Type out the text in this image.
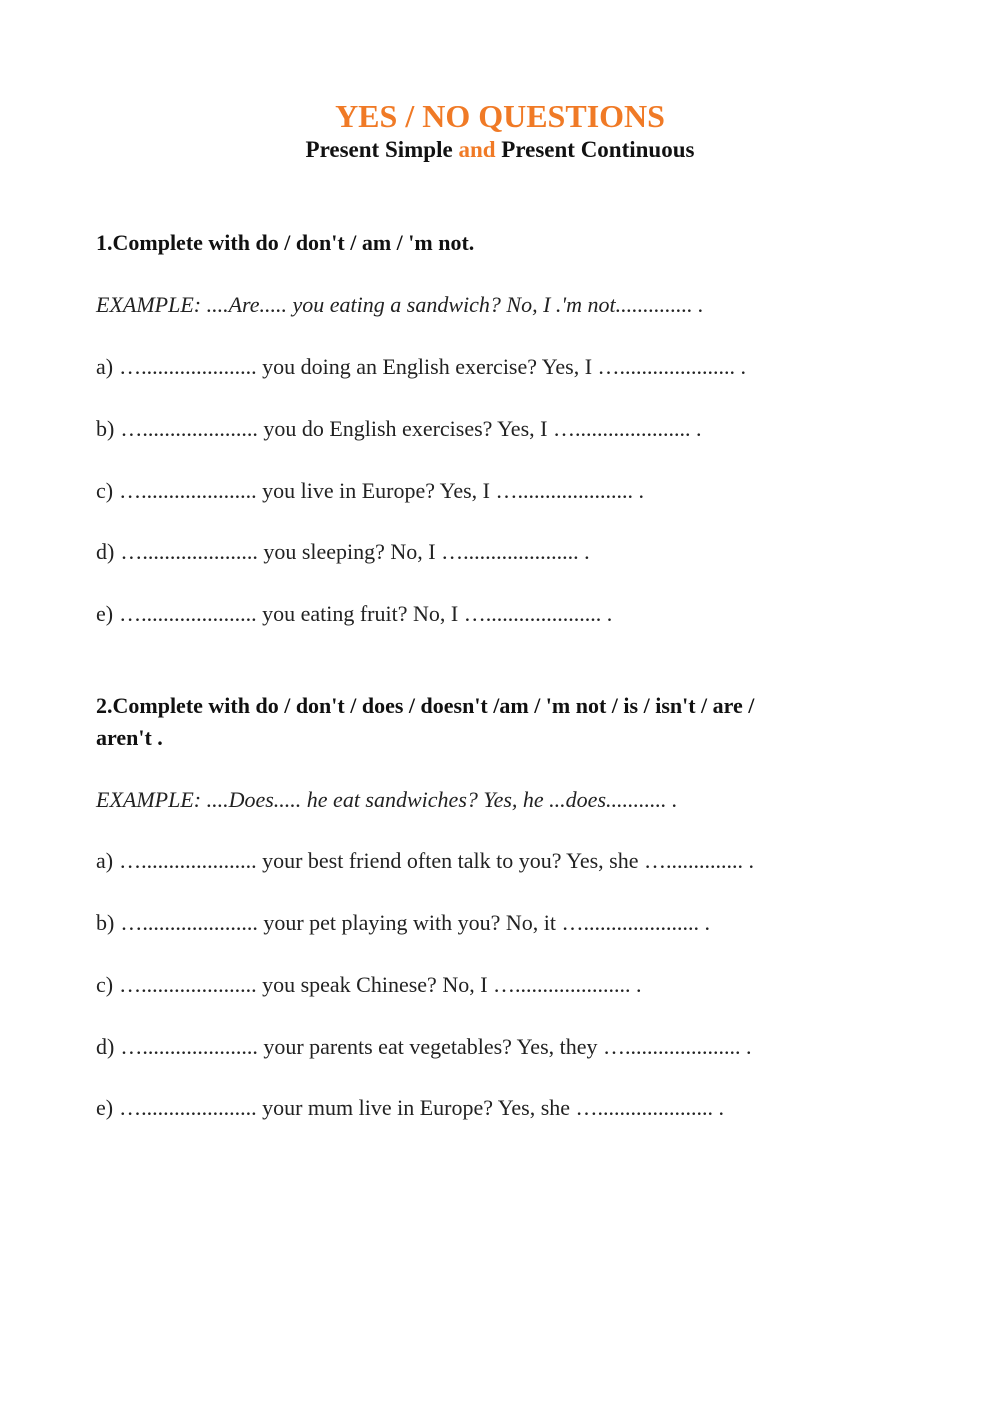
YES / NO QUESTIONS
Present Simple and Present Continuous
1.Complete with do / don't / am / 'm not.
EXAMPLE: ....Are..... you eating a sandwich? No, I .'m not.............. .
a) …..................... you doing an English exercise? Yes, I …..................... .
b) …..................... you do English exercises? Yes, I …..................... .
c) …..................... you live in Europe? Yes, I …..................... .
d) …..................... you sleeping? No, I …..................... .
e) …..................... you eating fruit? No, I …..................... .
2.Complete with do / don't / does / doesn't /am / 'm not / is / isn't / are /
aren't .
EXAMPLE: ....Does..... he eat sandwiches? Yes, he ...does........... .
a) …..................... your best friend often talk to you? Yes, she ….............. .
b) …..................... your pet playing with you? No, it …..................... .
c) …..................... you speak Chinese? No, I …..................... .
d) …..................... your parents eat vegetables? Yes, they …..................... .
e) …..................... your mum live in Europe? Yes, she …..................... .
